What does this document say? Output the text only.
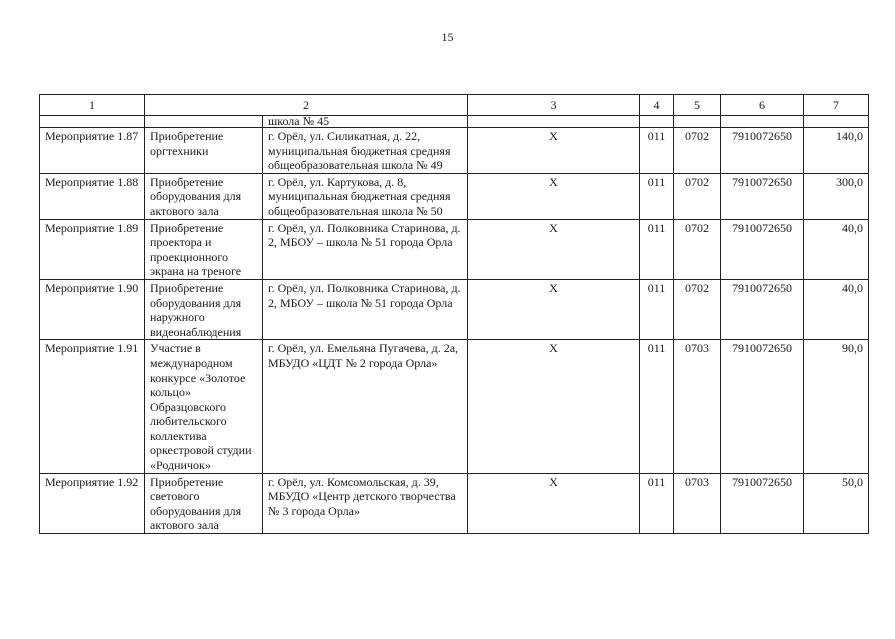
15
1	2		3	4	5	6	7
		школа № 45					
Мероприятие 1.87	Приобретение оргтехники	г. Орёл, ул. Силикатная, д. 22, муниципальная бюджетная средняя общеобразовательная школа № 49	Х	011	0702	7910072650	140,0
Мероприятие 1.88	Приобретение оборудования для актового зала	г. Орёл, ул. Картукова, д. 8, муниципальная бюджетная средняя общеобразовательная школа № 50	Х	011	0702	7910072650	300,0
Мероприятие 1.89	Приобретение проектора и проекционного экрана на треноге	г. Орёл, ул. Полковника Старинова, д. 2, МБОУ – школа № 51 города Орла	Х	011	0702	7910072650	40,0
Мероприятие 1.90	Приобретение оборудования для наружного видеонаблюдения	г. Орёл, ул. Полковника Старинова, д. 2, МБОУ – школа № 51 города Орла	Х	011	0702	7910072650	40,0
Мероприятие 1.91	Участие в международном конкурсе «Золотое кольцо» Образцовского любительского коллектива оркестровой студии «Родничок»	г. Орёл, ул. Емельяна Пугачева, д. 2а, МБУДО «ЦДТ № 2 города Орла»	Х	011	0703	7910072650	90,0
Мероприятие 1.92	Приобретение светового оборудования для актового зала	г. Орёл, ул. Комсомольская, д. 39, МБУДО «Центр детского творчества № 3 города Орла»	Х	011	0703	7910072650	50,0
